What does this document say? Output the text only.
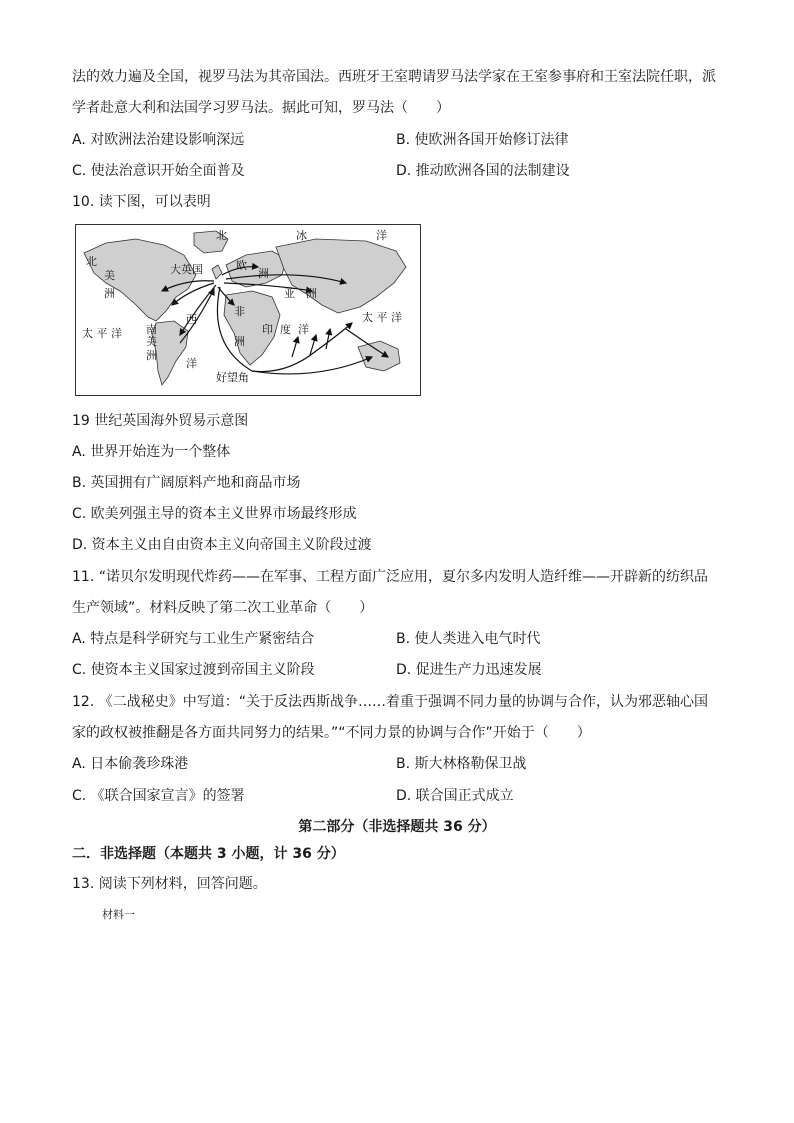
法的效力遍及全国，视罗马法为其帝国法。西班牙王室聘请罗马法学家在王室参事府和王室法院任职，派
学者赴意大利和法国学习罗马法。据此可知，罗马法（　　）
A. 对欧洲法治建设影响深远	B. 使欧洲各国开始修订法律
C. 使法治意识开始全面普及	D. 推动欧洲各国的法制建设
10. 读下图，可以表明
北	冰	洋
北
美
洲
大英国	欧
洲
亚 洲
非
洲
西
洋
太 平 洋 南
美
洲
印 度 洋
太 平 洋
好望角
19 世纪英国海外贸易示意图
A. 世界开始连为一个整体
B. 英国拥有广阔原料产地和商品市场
C. 欧美列强主导的资本主义世界市场最终形成
D. 资本主义由自由资本主义向帝国主义阶段过渡
11. “诺贝尔发明现代炸药——在军事、工程方面广泛应用，夏尔多内发明人造纤维——开辟新的纺织品
生产领域”。材料反映了第二次工业革命（　　）
A. 特点是科学研究与工业生产紧密结合	B. 使人类进入电气时代
C. 使资本主义国家过渡到帝国主义阶段	D. 促进生产力迅速发展
12. 《二战秘史》中写道：“关于反法西斯战争……着重于强调不同力量的协调与合作，认为邪恶轴心国
家的政权被推翻是各方面共同努力的结果。”“不同力景的协调与合作”开始于（　　）
A. 日本偷袭珍珠港	B. 斯大林格勒保卫战
C. 《联合国家宣言》的签署	D. 联合国正式成立
第二部分（非选择题共 36 分）
二．非选择题（本题共 3 小题，计 36 分）
13. 阅读下列材料，回答问题。
材料一
